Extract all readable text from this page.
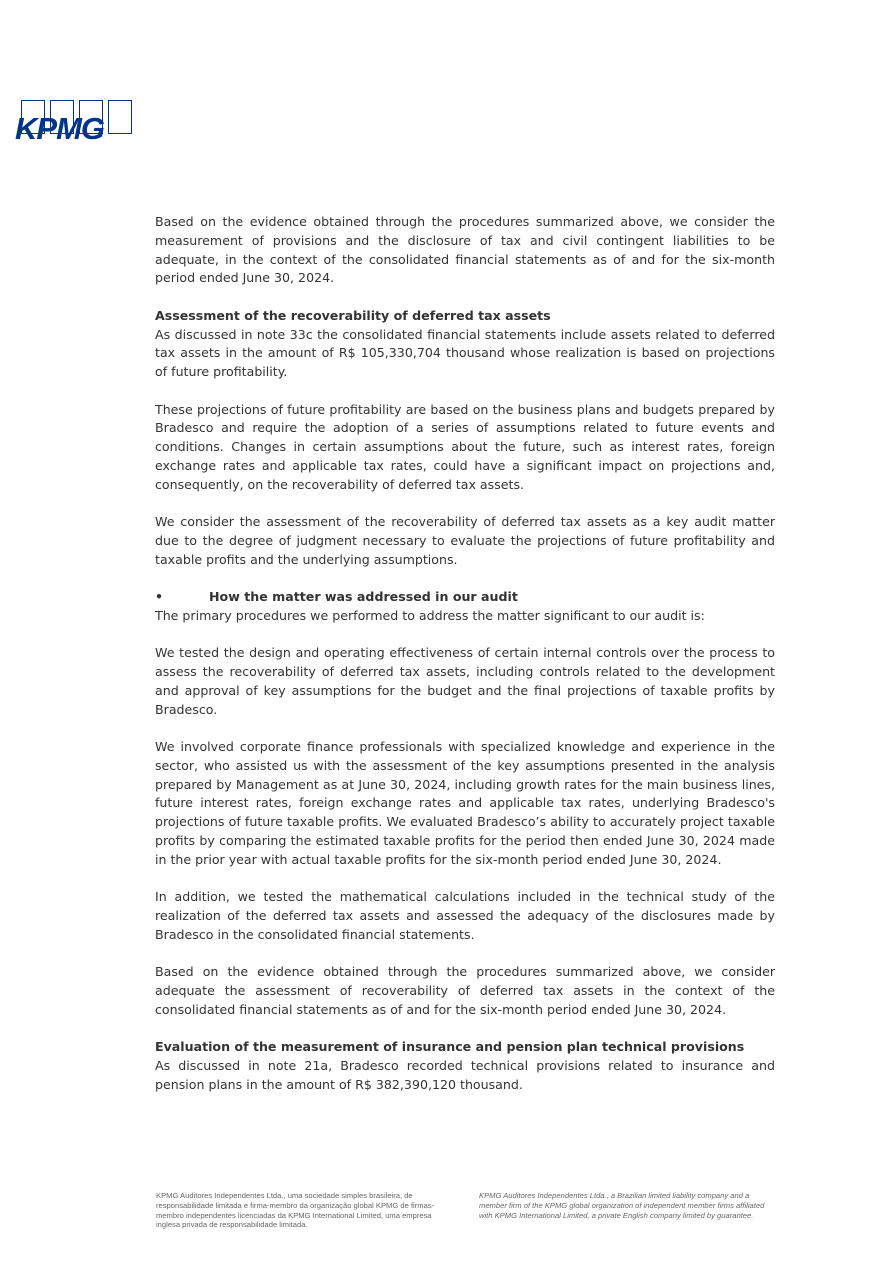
KPMG

Based on the evidence obtained through the procedures summarized above, we consider the measurement of provisions and the disclosure of tax and civil contingent liabilities to be adequate, in the context of the consolidated financial statements as of and for the six-month period ended June 30, 2024.

Assessment of the recoverability of deferred tax assets

As discussed in note 33c the consolidated financial statements include assets related to deferred tax assets in the amount of R$ 105,330,704 thousand whose realization is based on projections of future profitability.

These projections of future profitability are based on the business plans and budgets prepared by Bradesco and require the adoption of a series of assumptions related to future events and conditions. Changes in certain assumptions about the future, such as interest rates, foreign exchange rates and applicable tax rates, could have a significant impact on projections and, consequently, on the recoverability of deferred tax assets.

We consider the assessment of the recoverability of deferred tax assets as a key audit matter due to the degree of judgment necessary to evaluate the projections of future profitability and taxable profits and the underlying assumptions.

•	How the matter was addressed in our audit

The primary procedures we performed to address the matter significant to our audit is:

We tested the design and operating effectiveness of certain internal controls over the process to assess the recoverability of deferred tax assets, including controls related to the development and approval of key assumptions for the budget and the final projections of taxable profits by Bradesco.

We involved corporate finance professionals with specialized knowledge and experience in the sector, who assisted us with the assessment of the key assumptions presented in the analysis prepared by Management as at June 30, 2024, including growth rates for the main business lines, future interest rates, foreign exchange rates and applicable tax rates, underlying Bradesco's projections of future taxable profits. We evaluated Bradesco’s ability to accurately project taxable profits by comparing the estimated taxable profits for the period then ended June 30, 2024 made in the prior year with actual taxable profits for the six-month period ended June 30, 2024.

In addition, we tested the mathematical calculations included in the technical study of the realization of the deferred tax assets and assessed the adequacy of the disclosures made by Bradesco in the consolidated financial statements.

Based on the evidence obtained through the procedures summarized above, we consider adequate the assessment of recoverability of deferred tax assets in the context of the consolidated financial statements as of and for the six-month period ended June 30, 2024.

Evaluation of the measurement of insurance and pension plan technical provisions

As discussed in note 21a, Bradesco recorded technical provisions related to insurance and pension plans in the amount of R$ 382,390,120 thousand.

KPMG Auditores Independentes Ltda., uma sociedade simples brasileira, de responsabilidade limitada e firma-membro da organização global KPMG de firmas-membro independentes licenciadas da KPMG International Limited, uma empresa inglesa privada de responsabilidade limitada.
KPMG Auditores Independentes Ltda., a Brazilian limited liability company and a member firm of the KPMG global organization of independent member firms affiliated with KPMG International Limited, a private English company limited by guarantee.
